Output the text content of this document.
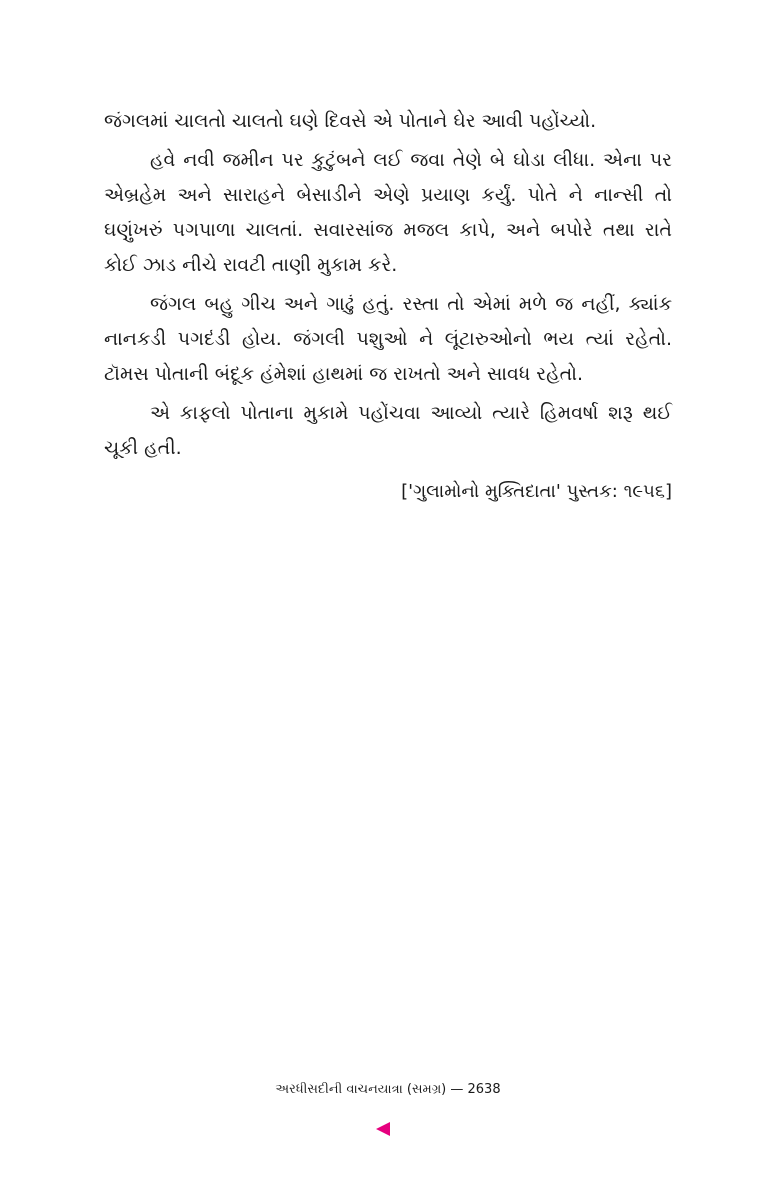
જંગલમાં ચાલતો ચાલતો ઘણે દિવસે એ પોતાને ઘેર આવી પહોંચ્યો.

હવે નવી જમીન પર કુટુંબને લઈ જવા તેણે બે ઘોડા લીધા. એના પર એબ્રહેમ અને સારાહને બેસાડીને એણે પ્રયાણ કર્યું. પોતે ને નાન્સી તો ઘણુંખરું પગપાળા ચાલતાં. સવારસાંજ મજલ કાપે, અને બપોરે તથા રાતે કોઈ ઝાડ નીચે રાવટી તાણી મુકામ કરે.

જંગલ બહુ ગીચ અને ગાઢું હતું. રસ્તા તો એમાં મળે જ નહીં, ક્યાંક નાનકડી પગદંડી હોય. જંગલી પશુઓ ને લૂંટારુઓનો ભય ત્યાં રહેતો. ટૉમસ પોતાની બંદૂક હંમેશાં હાથમાં જ રાખતો અને સાવધ રહેતો.

એ કાફલો પોતાના મુકામે પહોંચવા આવ્યો ત્યારે હિમવર્ષા શરૂ થઈ ચૂકી હતી.

['ગુલામોનો મુક્તિદાતા' પુસ્તક: ૧૯૫૬]

અરધીસદીની વાચનયાત્રા (સમગ્ર) — 2638
